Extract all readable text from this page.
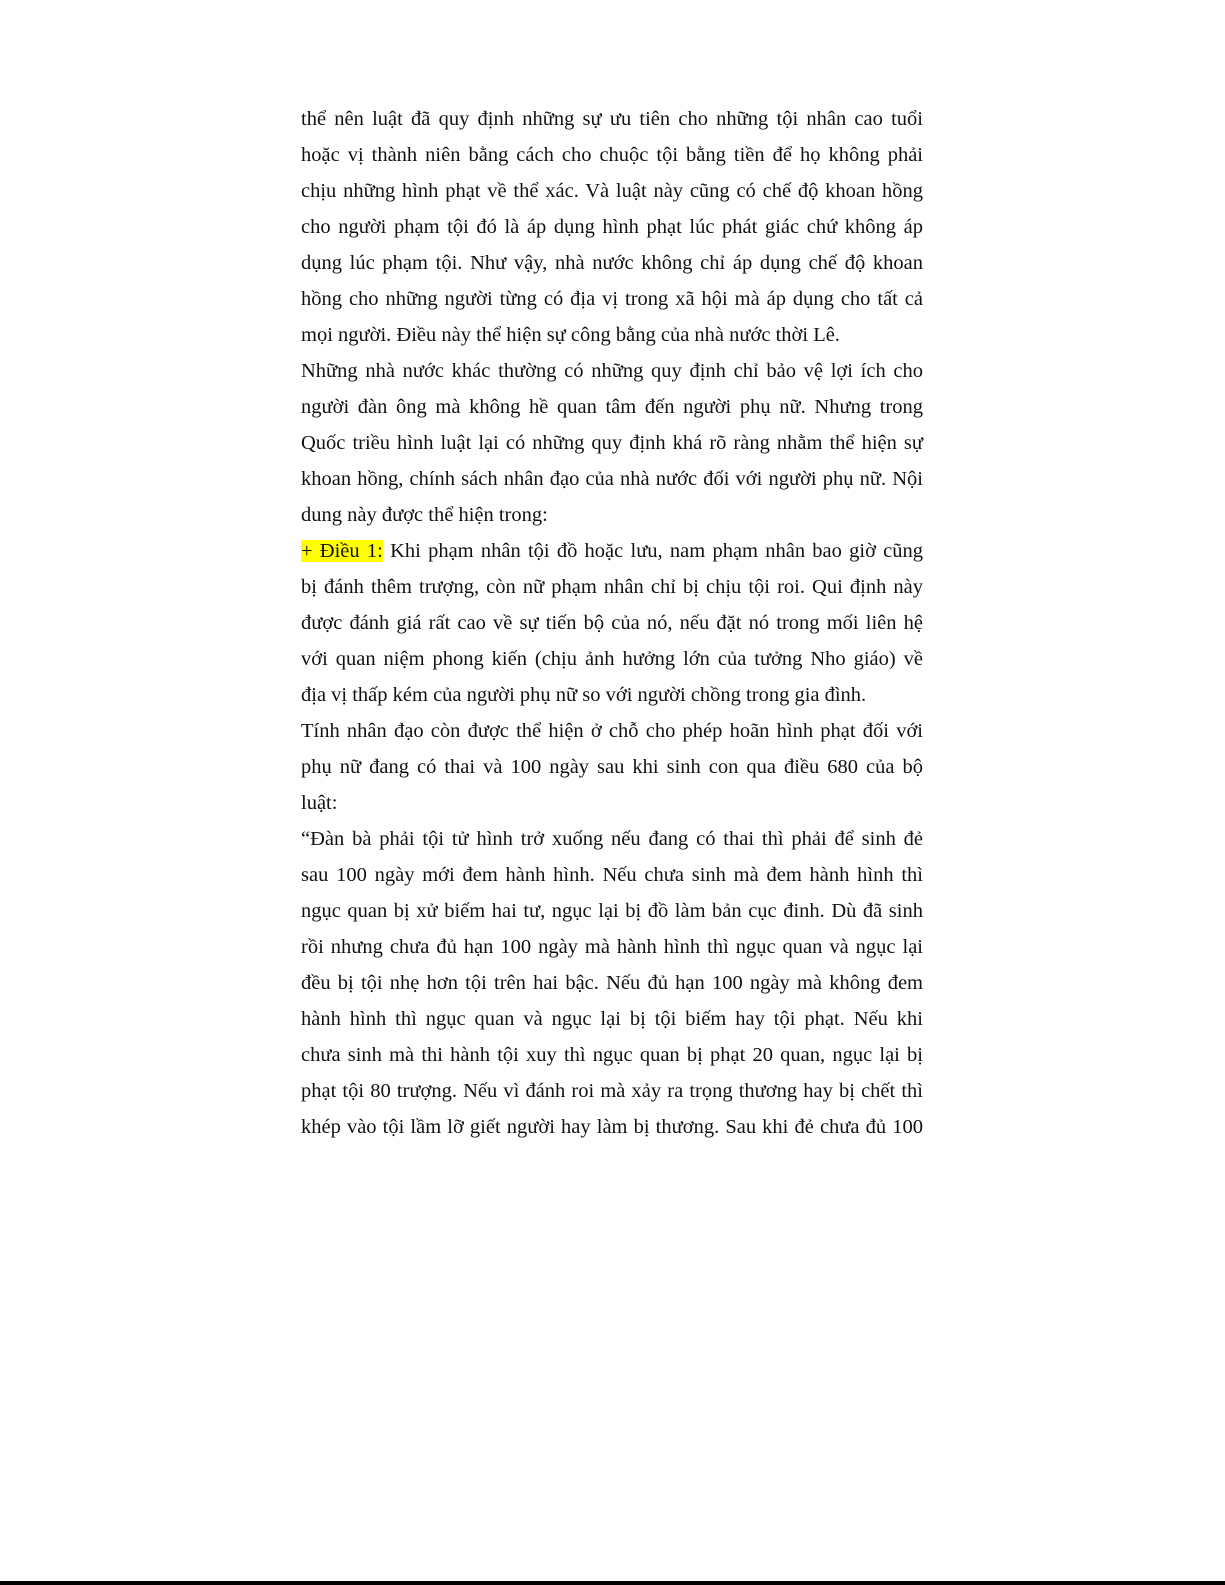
thể nên luật đã quy định những sự ưu tiên cho những tội nhân cao tuổi
hoặc vị thành niên bằng cách cho chuộc tội bằng tiền để họ không phải
chịu những hình phạt về thể xác. Và luật này cũng có chế độ khoan hồng
cho người phạm tội đó là áp dụng hình phạt lúc phát giác chứ không áp
dụng lúc phạm tội. Như vậy, nhà nước không chỉ áp dụng chế độ khoan
hồng cho những người từng có địa vị trong xã hội mà áp dụng cho tất cả
mọi người. Điều này thể hiện sự công bằng của nhà nước thời Lê.
Những nhà nước khác thường có những quy định chỉ bảo vệ lợi ích cho
người đàn ông mà không hề quan tâm đến người phụ nữ. Nhưng trong
Quốc triều hình luật lại có những quy định khá rõ ràng nhằm thể hiện sự
khoan hồng, chính sách nhân đạo của nhà nước đối với người phụ nữ. Nội
dung này được thể hiện trong:
+ Điều 1: Khi phạm nhân tội đồ hoặc lưu, nam phạm nhân bao giờ cũng
bị đánh thêm trượng, còn nữ phạm nhân chỉ bị chịu tội roi. Qui định này
được đánh giá rất cao về sự tiến bộ của nó, nếu đặt nó trong mối liên hệ
với quan niệm phong kiến (chịu ảnh hưởng lớn của tưởng Nho giáo) về
địa vị thấp kém của người phụ nữ so với người chồng trong gia đình.
Tính nhân đạo còn được thể hiện ở chỗ cho phép hoãn hình phạt đối với
phụ nữ đang có thai và 100 ngày sau khi sinh con qua điều 680 của bộ
luật:
“Đàn bà phải tội tử hình trở xuống nếu đang có thai thì phải để sinh đẻ
sau 100 ngày mới đem hành hình. Nếu chưa sinh mà đem hành hình thì
ngục quan bị xử biếm hai tư, ngục lại bị đồ làm bản cục đinh. Dù đã sinh
rồi nhưng chưa đủ hạn 100 ngày mà hành hình thì ngục quan và ngục lại
đều bị tội nhẹ hơn tội trên hai bậc. Nếu đủ hạn 100 ngày mà không đem
hành hình thì ngục quan và ngục lại bị tội biếm hay tội phạt. Nếu khi
chưa sinh mà thi hành tội xuy thì ngục quan bị phạt 20 quan, ngục lại bị
phạt tội 80 trượng. Nếu vì đánh roi mà xảy ra trọng thương hay bị chết thì
khép vào tội lầm lỡ giết người hay làm bị thương. Sau khi đẻ chưa đủ 100
